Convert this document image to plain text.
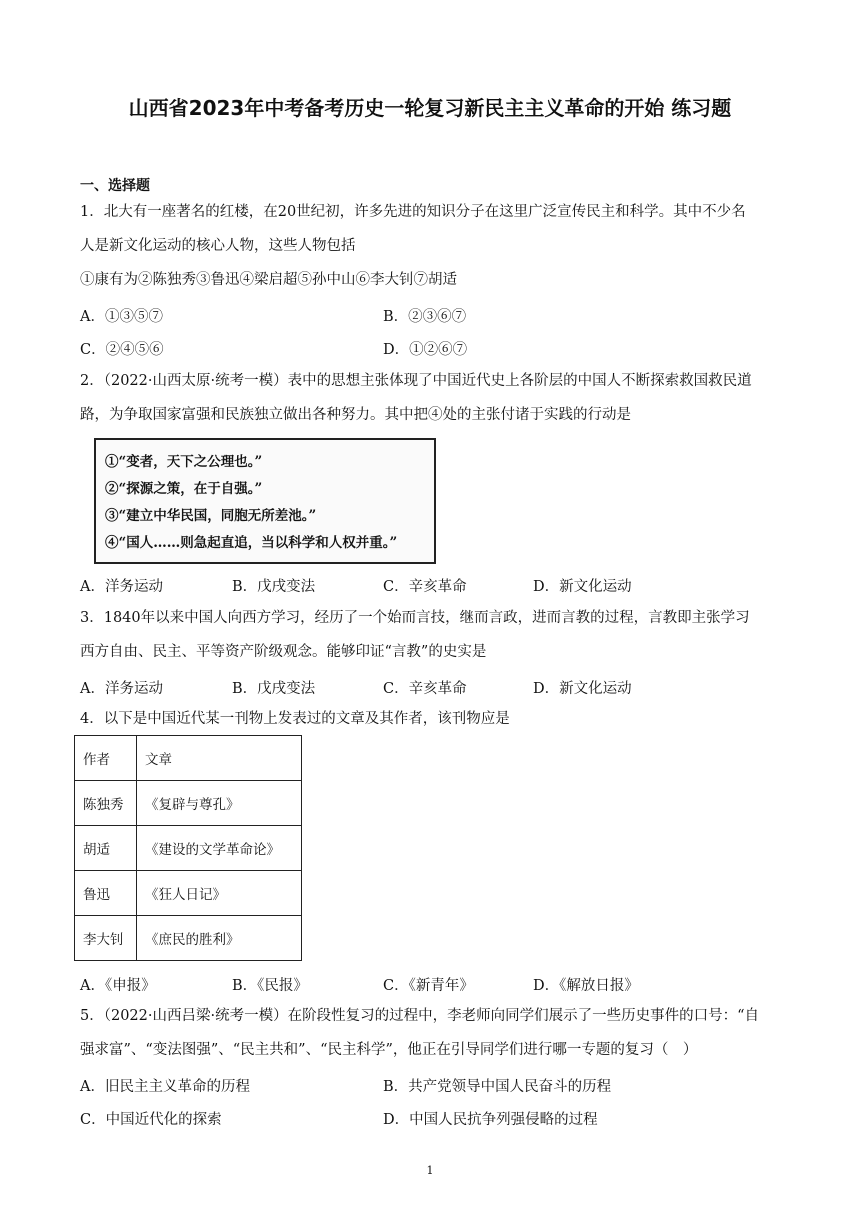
山西省2023年中考备考历史一轮复习新民主主义革命的开始 练习题
一、选择题
1．北大有一座著名的红楼，在20世纪初，许多先进的知识分子在这里广泛宣传民主和科学。其中不少名
人是新文化运动的核心人物，这些人物包括
①康有为②陈独秀③鲁迅④梁启超⑤孙中山⑥李大钊⑦胡适
A．①③⑤⑦	B．②③⑥⑦
C．②④⑤⑥	D．①②⑥⑦
2．（2022·山西太原·统考一模）表中的思想主张体现了中国近代史上各阶层的中国人不断探索救国救民道
路，为争取国家富强和民族独立做出各种努力。其中把④处的主张付诸于实践的行动是
①“变者，天下之公理也。”
②“探源之策，在于自强。”
③“建立中华民国，同胞无所差池。”
④“国人……则急起直追，当以科学和人权并重。”
A．洋务运动	B．戊戌变法	C．辛亥革命	D．新文化运动
3．1840年以来中国人向西方学习，经历了一个始而言技，继而言政，进而言教的过程，言教即主张学习
西方自由、民主、平等资产阶级观念。能够印证“言教”的史实是
A．洋务运动	B．戊戌变法	C．辛亥革命	D．新文化运动
4．以下是中国近代某一刊物上发表过的文章及其作者，该刊物应是
作者	文章
陈独秀	《复辟与尊孔》
胡适	《建设的文学革命论》
鲁迅	《狂人日记》
李大钊	《庶民的胜利》
A．《申报》	B．《民报》	C．《新青年》	D．《解放日报》
5．（2022·山西吕梁·统考一模）在阶段性复习的过程中，李老师向同学们展示了一些历史事件的口号：“自
强求富”、“变法图强”、“民主共和”、“民主科学”，他正在引导同学们进行哪一专题的复习（　）
A．旧民主主义革命的历程	B．共产党领导中国人民奋斗的历程
C．中国近代化的探索	D．中国人民抗争列强侵略的过程
1
